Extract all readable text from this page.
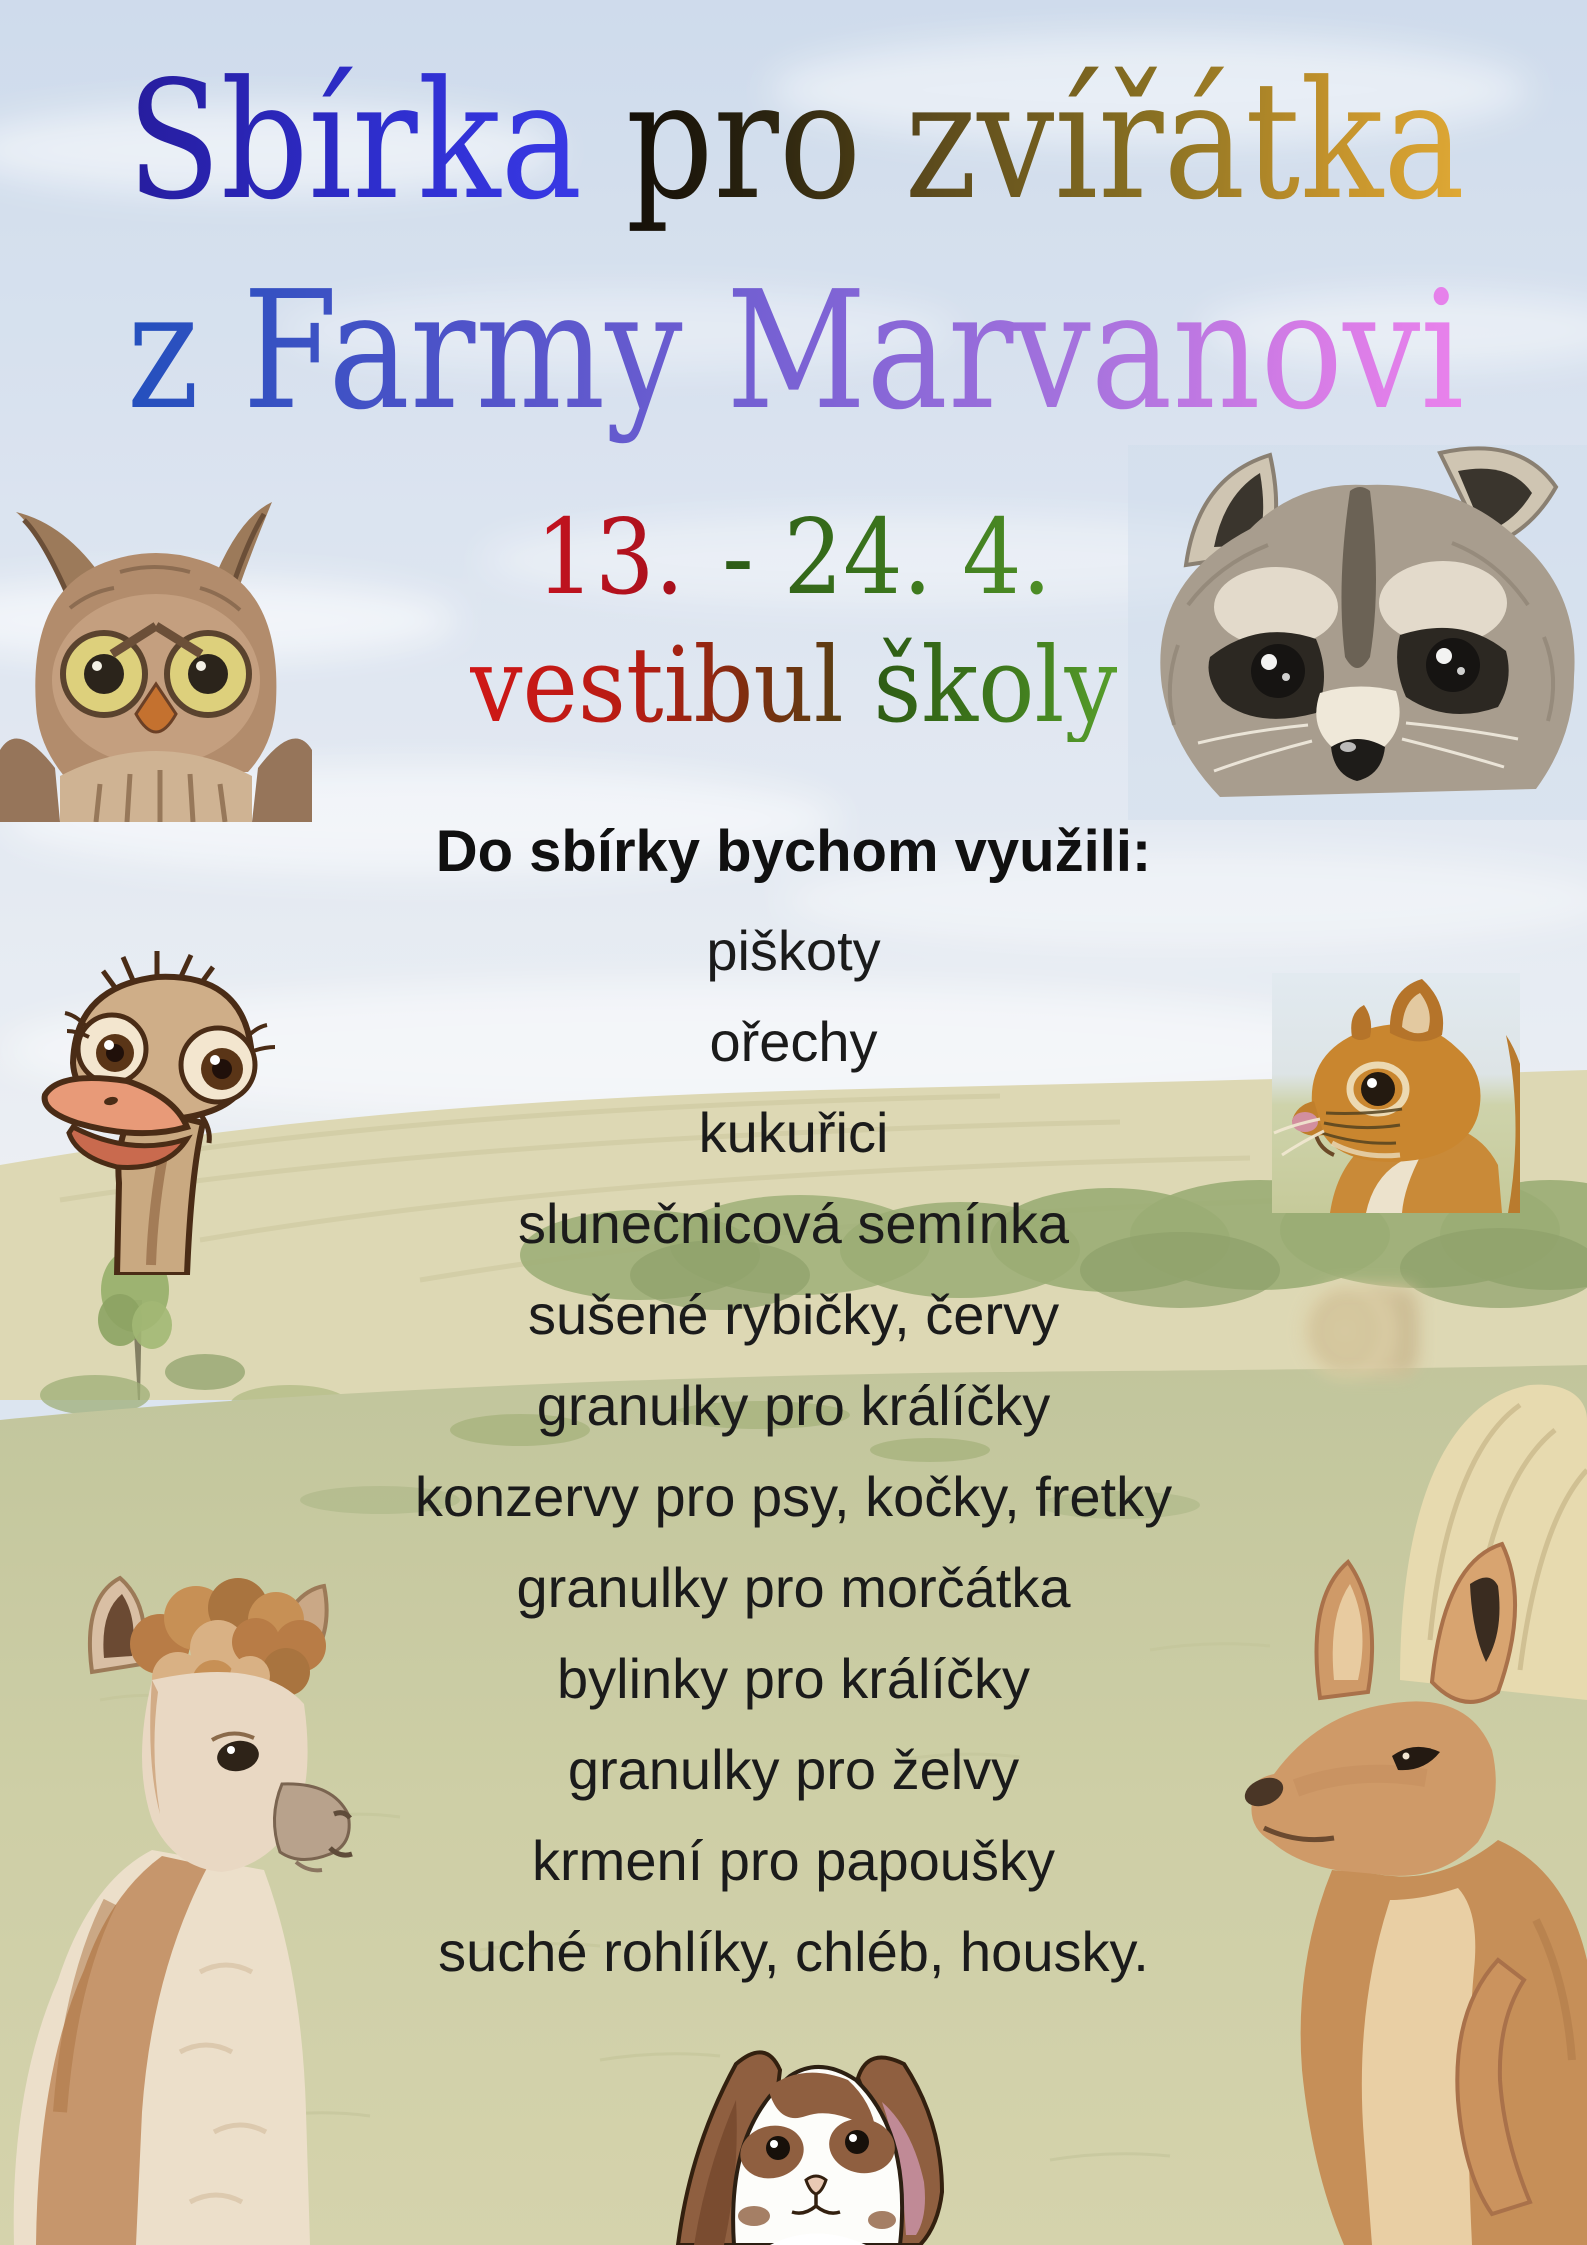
Sbírka pro zvířátka
z Farmy Marvanovi
13. - 24. 4.
vestibul školy
Do sbírky bychom využili:
piškoty
ořechy
kukuřici
slunečnicová semínka
sušené rybičky, červy
granulky pro králíčky
konzervy pro psy, kočky, fretky
granulky pro morčátka
bylinky pro králíčky
granulky pro želvy
krmení pro papoušky
suché rohlíky, chléb, housky.
